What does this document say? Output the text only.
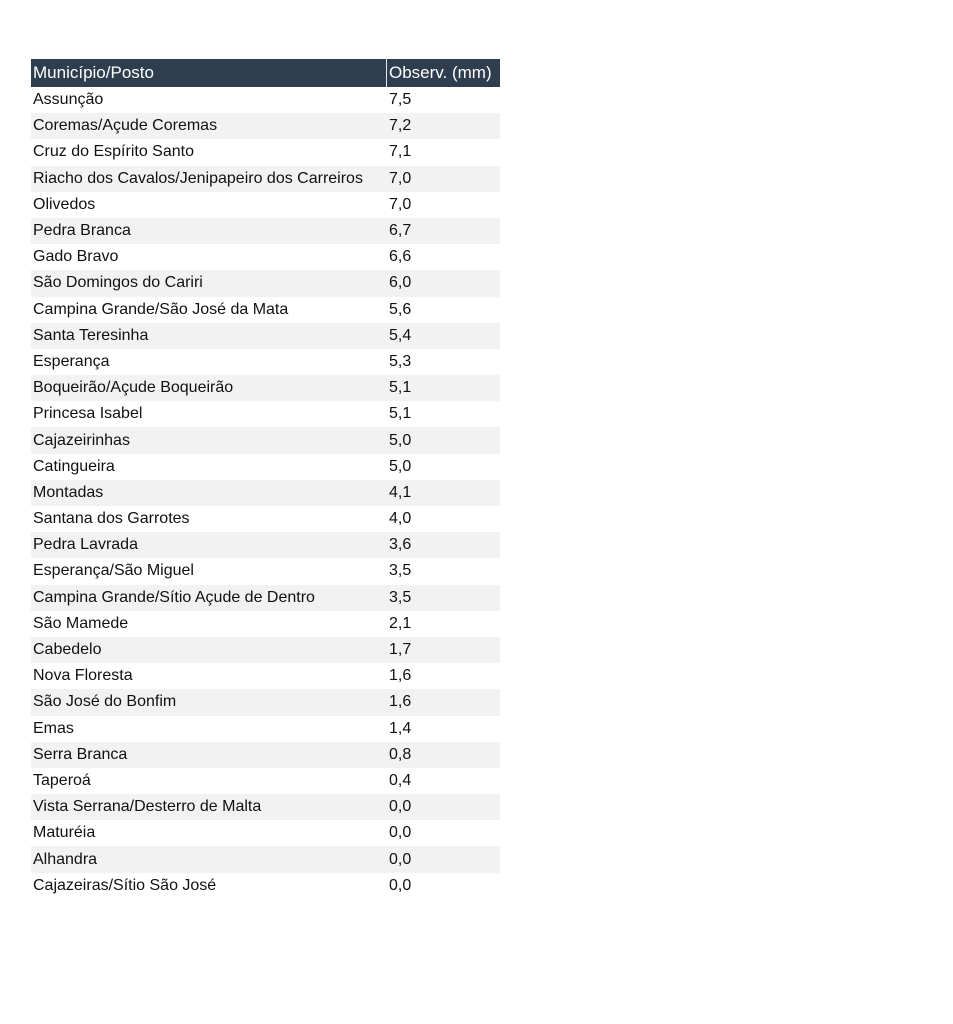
Município/Posto	Observ. (mm)
Assunção	7,5
Coremas/Açude Coremas	7,2
Cruz do Espírito Santo	7,1
Riacho dos Cavalos/Jenipapeiro dos Carreiros	7,0
Olivedos	7,0
Pedra Branca	6,7
Gado Bravo	6,6
São Domingos do Cariri	6,0
Campina Grande/São José da Mata	5,6
Santa Teresinha	5,4
Esperança	5,3
Boqueirão/Açude Boqueirão	5,1
Princesa Isabel	5,1
Cajazeirinhas	5,0
Catingueira	5,0
Montadas	4,1
Santana dos Garrotes	4,0
Pedra Lavrada	3,6
Esperança/São Miguel	3,5
Campina Grande/Sítio Açude de Dentro	3,5
São Mamede	2,1
Cabedelo	1,7
Nova Floresta	1,6
São José do Bonfim	1,6
Emas	1,4
Serra Branca	0,8
Taperoá	0,4
Vista Serrana/Desterro de Malta	0,0
Maturéia	0,0
Alhandra	0,0
Cajazeiras/Sítio São José	0,0
